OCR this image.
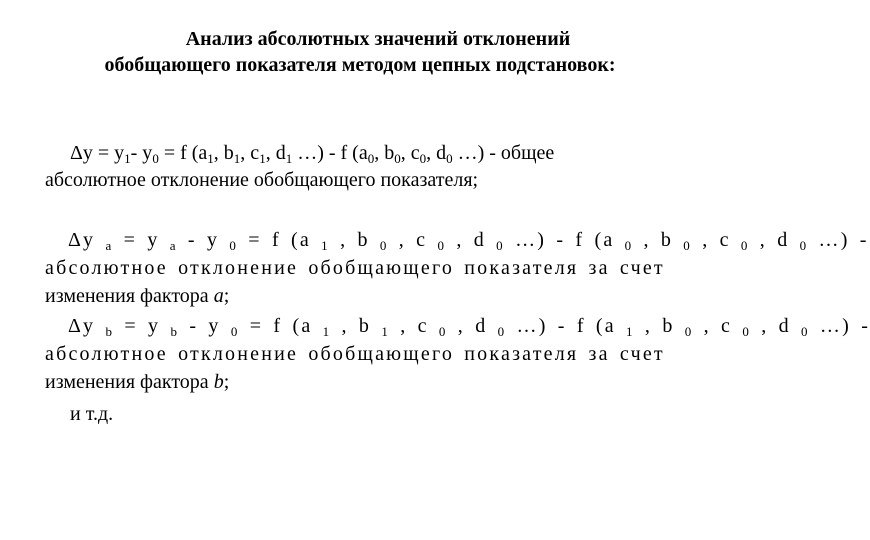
Анализ абсолютных значений отклонений
обобщающего показателя методом цепных подстановок:
$\Delta y = y_1-$ $y_0 = f$ ($a_1$, $b_1$, $c_1$, $d_1$ …) - f ($a_0$, $b_0$, $c_0$, $d_0$ …) - общее
абсолютное отклонение обобщающего показателя;
Δy $_a$ = y $_a$ - y $_0$ = f (a $_1$ , b $_0$ , c $_0$ , d $_0$ …) - f (a $_0$ , b $_0$ , c $_0$ , d $_0$ …) -
абсолютное отклонение обобщающего показателя за счет
изменения фактора a;
Δy $_b$ = y $_b$ - y $_0$ = f (a $_1$ , b $_1$ , c $_0$ , d $_0$ …) - f (a $_1$ , b $_0$ , c $_0$ , d $_0$ …) -
абсолютное отклонение обобщающего показателя за счет
изменения фактора b;
и т.д.
